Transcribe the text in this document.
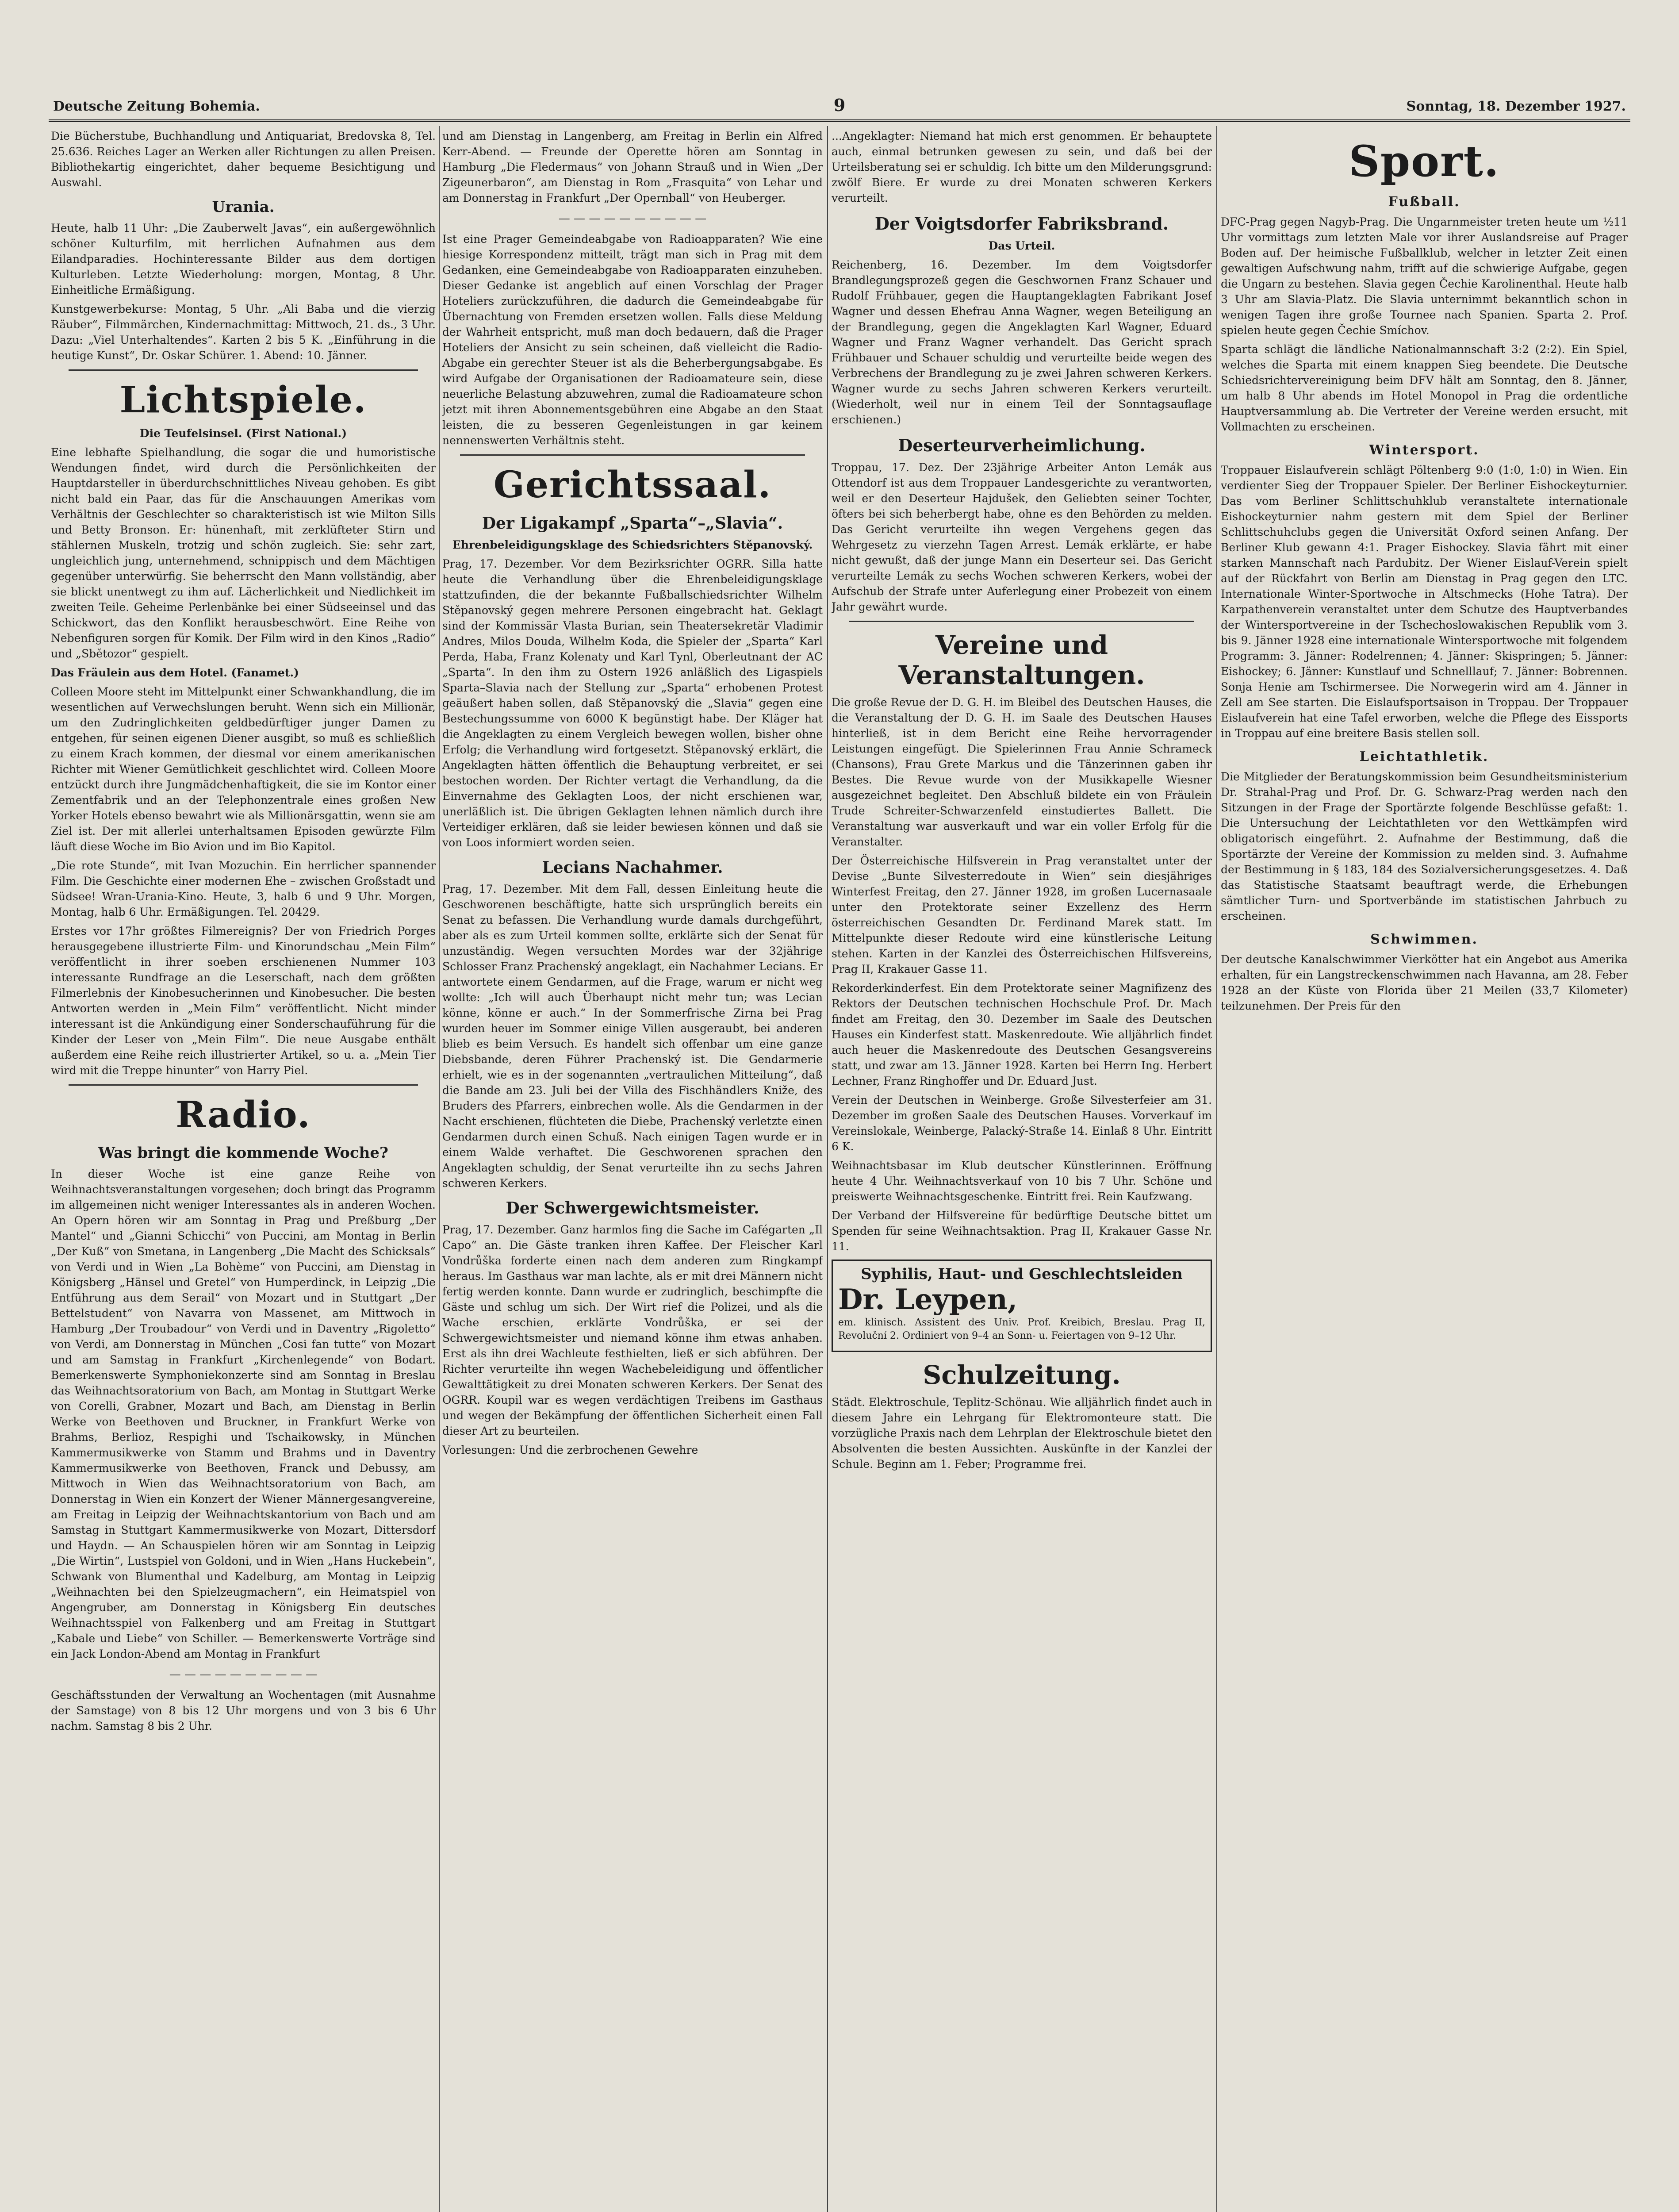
Deutsche Zeitung Bohemia.	9	Sonntag, 18. Dezember 1927.

Die Bücherstube, Buchhandlung und Antiquariat, Bredovska 8, Tel. 25.636. Reiches Lager an Werken aller Richtungen zu allen Preisen. Bibliothekartig eingerichtet, daher bequeme Besichtigung und Auswahl.

Urania.

Heute, halb 11 Uhr: „Die Zauberwelt Javas“, ein außergewöhnlich schöner Kulturfilm, mit herrlichen Aufnahmen aus dem Eilandparadies. Hochinteressante Bilder aus dem dortigen Kulturleben. Letzte Wiederholung: morgen, Montag, 8 Uhr. Einheitliche Ermäßigung.

Kunstgewerbekurse: Montag, 5 Uhr. „Ali Baba und die vierzig Räuber“, Filmmärchen, Kindernachmittag: Mittwoch, 21. ds., 3 Uhr. Dazu: „Viel Unterhaltendes“. Karten 2 bis 5 K. „Einführung in die heutige Kunst“, Dr. Oskar Schürer. 1. Abend: 10. Jänner.

Lichtspiele.

Die Teufelsinsel. (First National.)

Eine lebhafte Spielhandlung, die sogar die und humoristische Wendungen findet, wird durch die Persönlichkeiten der Hauptdarsteller in überdurchschnittliches Niveau gehoben. Es gibt nicht bald ein Paar, das für die Anschauungen Amerikas vom Verhältnis der Geschlechter so charakteristisch ist wie Milton Sills und Betty Bronson. Er: hünenhaft, mit zerklüfteter Stirn und stählernen Muskeln, trotzig und schön zugleich. Sie: sehr zart, ungleichlich jung, unternehmend, schnippisch und dem Mächtigen gegenüber unterwürfig. Sie beherrscht den Mann vollständig, aber sie blickt unentwegt zu ihm auf. Lächerlichkeit und Niedlichkeit im zweiten Teile. Geheime Perlenbänke bei einer Südseeinsel und das Schickwort, das den Konflikt herausbeschwört. Eine Reihe von Nebenfiguren sorgen für Komik. Der Film wird in den Kinos „Radio“ und „Sbětozor“ gespielt.

Das Fräulein aus dem Hotel. (Fanamet.)

Colleen Moore steht im Mittelpunkt einer Schwankhandlung, die im wesentlichen auf Verwechslungen beruht. Wenn sich ein Millionär, um den Zudringlichkeiten geldbedürftiger junger Damen zu entgehen, für seinen eigenen Diener ausgibt, so muß es schließlich zu einem Krach kommen, der diesmal vor einem amerikanischen Richter mit Wiener Gemütlichkeit geschlichtet wird. Colleen Moore entzückt durch ihre Jungmädchenhaftigkeit, die sie im Kontor einer Zementfabrik und an der Telephonzentrale eines großen New Yorker Hotels ebenso bewahrt wie als Millionärsgattin, wenn sie am Ziel ist. Der mit allerlei unterhaltsamen Episoden gewürzte Film läuft diese Woche im Bio Avion und im Bio Kapitol.

„Die rote Stunde“, mit Ivan Mozuchin. Ein herrlicher spannender Film. Die Geschichte einer modernen Ehe – zwischen Großstadt und Südsee! Wran-Urania-Kino. Heute, 3, halb 6 und 9 Uhr. Morgen, Montag, halb 6 Uhr. Ermäßigungen. Tel. 20429.

Erstes vor 17hr größtes Filmereignis? Der von Friedrich Porges herausgegebene illustrierte Film- und Kinorundschau „Mein Film“ veröffentlicht in ihrer soeben erschienenen Nummer 103 interessante Rundfrage an die Leserschaft, nach dem größten Filmerlebnis der Kinobesucherinnen und Kinobesucher. Die besten Antworten werden in „Mein Film“ veröffentlicht. Nicht minder interessant ist die Ankündigung einer Sonderschauführung für die Kinder der Leser von „Mein Film“. Die neue Ausgabe enthält außerdem eine Reihe reich illustrierter Artikel, so u. a. „Mein Tier wird mit die Treppe hinunter“ von Harry Piel.

Radio.
Was bringt die kommende Woche?

In dieser Woche ist eine ganze Reihe von Weihnachtsveranstaltungen vorgesehen; doch bringt das Programm im allgemeinen nicht weniger Interessantes als in anderen Wochen. An Opern hören wir am Sonntag in Prag und Preßburg „Der Mantel“ und „Gianni Schicchi“ von Puccini, am Montag in Berlin „Der Kuß“ von Smetana, in Langenberg „Die Macht des Schicksals“ von Verdi und in Wien „La Bohème“ von Puccini, am Dienstag in Königsberg „Hänsel und Gretel“ von Humperdinck, in Leipzig „Die Entführung aus dem Serail“ von Mozart und in Stuttgart „Der Bettelstudent“ von Navarra von Massenet, am Mittwoch in Hamburg „Der Troubadour“ von Verdi und in Daventry „Rigoletto“ von Verdi, am Donnerstag in München „Cosi fan tutte“ von Mozart und am Samstag in Frankfurt „Kirchenlegende“ von Bodart. Bemerkenswerte Symphoniekonzerte sind am Sonntag in Breslau das Weihnachtsoratorium von Bach, am Montag in Stuttgart Werke von Corelli, Grabner, Mozart und Bach, am Dienstag in Berlin Werke von Beethoven und Bruckner, in Frankfurt Werke von Brahms, Berlioz, Respighi und Tschaikowsky, in München Kammermusikwerke von Stamm und Brahms und in Daventry Kammermusikwerke von Beethoven, Franck und Debussy, am Mittwoch in Wien das Weihnachtsoratorium von Bach, am Donnerstag in Wien ein Konzert der Wiener Männergesangvereine, am Freitag in Leipzig der Weihnachtskantorium von Bach und am Samstag in Stuttgart Kammermusikwerke von Mozart, Dittersdorf und Haydn. — An Schauspielen hören wir am Sonntag in Leipzig „Die Wirtin“, Lustspiel von Goldoni, und in Wien „Hans Huckebein“, Schwank von Blumenthal und Kadelburg, am Montag in Leipzig „Weihnachten bei den Spielzeugmachern“, ein Heimatspiel von Angengruber, am Donnerstag in Königsberg Ein deutsches Weihnachtsspiel von Falkenberg und am Freitag in Stuttgart „Kabale und Liebe“ von Schiller. — Bemerkenswerte Vorträge sind ein Jack London-Abend am Montag in Frankfurt

— — — — — — — — — —

Geschäftsstunden der Verwaltung an Wochentagen (mit Ausnahme der Samstage) von 8 bis 12 Uhr morgens und von 3 bis 6 Uhr nachm. Samstag 8 bis 2 Uhr.

und am Dienstag in Langenberg, am Freitag in Berlin ein Alfred Kerr-Abend. — Freunde der Operette hören am Sonntag in Hamburg „Die Fledermaus“ von Johann Strauß und in Wien „Der Zigeunerbaron“, am Dienstag in Rom „Frasquita“ von Lehar und am Donnerstag in Frankfurt „Der Opernball“ von Heuberger.

— — — — — — — — — —

Ist eine Prager Gemeindeabgabe von Radioapparaten? Wie eine hiesige Korrespondenz mitteilt, trägt man sich in Prag mit dem Gedanken, eine Gemeindeabgabe von Radioapparaten einzuheben. Dieser Gedanke ist angeblich auf einen Vorschlag der Prager Hoteliers zurückzuführen, die dadurch die Gemeindeabgabe für Übernachtung von Fremden ersetzen wollen. Falls diese Meldung der Wahrheit entspricht, muß man doch bedauern, daß die Prager Hoteliers der Ansicht zu sein scheinen, daß vielleicht die Radio-Abgabe ein gerechter Steuer ist als die Beherbergungsabgabe. Es wird Aufgabe der Organisationen der Radioamateure sein, diese neuerliche Belastung abzuwehren, zumal die Radioamateure schon jetzt mit ihren Abonnementsgebühren eine Abgabe an den Staat leisten, die zu besseren Gegenleistungen in gar keinem nennenswerten Verhältnis steht.

Gerichtssaal.
Der Ligakampf „Sparta“–„Slavia“.

Ehrenbeleidigungsklage des Schiedsrichters Stěpanovský.

Prag, 17. Dezember. Vor dem Bezirksrichter OGRR. Silla hatte heute die Verhandlung über die Ehrenbeleidigungsklage stattzufinden, die der bekannte Fußballschiedsrichter Wilhelm Stěpanovský gegen mehrere Personen eingebracht hat. Geklagt sind der Kommissär Vlasta Burian, sein Theatersekretär Vladimir Andres, Milos Douda, Wilhelm Koda, die Spieler der „Sparta“ Karl Perda, Haba, Franz Kolenaty und Karl Tynl, Oberleutnant der AC „Sparta“. In den ihm zu Ostern 1926 anläßlich des Ligaspiels Sparta–Slavia nach der Stellung zur „Sparta“ erhobenen Protest geäußert haben sollen, daß Stěpanovský die „Slavia“ gegen eine Bestechungssumme von 6000 K begünstigt habe. Der Kläger hat die Angeklagten zu einem Vergleich bewegen wollen, bisher ohne Erfolg; die Verhandlung wird fortgesetzt. Stěpanovský erklärt, die Angeklagten hätten öffentlich die Behauptung verbreitet, er sei bestochen worden. Der Richter vertagt die Verhandlung, da die Einvernahme des Geklagten Loos, der nicht erschienen war, unerläßlich ist. Die übrigen Geklagten lehnen nämlich durch ihre Verteidiger erklären, daß sie leider bewiesen können und daß sie von Loos informiert worden seien.

Lecians Nachahmer.

Prag, 17. Dezember. Mit dem Fall, dessen Einleitung heute die Geschworenen beschäftigte, hatte sich ursprünglich bereits ein Senat zu befassen. Die Verhandlung wurde damals durchgeführt, aber als es zum Urteil kommen sollte, erklärte sich der Senat für unzuständig. Wegen versuchten Mordes war der 32jährige Schlosser Franz Prachenský angeklagt, ein Nachahmer Lecians. Er antwortete einem Gendarmen, auf die Frage, warum er nicht weg wollte: „Ich will auch Überhaupt nicht mehr tun; was Lecian könne, könne er auch.“ In der Sommerfrische Zirna bei Prag wurden heuer im Sommer einige Villen ausgeraubt, bei anderen blieb es beim Versuch. Es handelt sich offenbar um eine ganze Diebsbande, deren Führer Prachenský ist. Die Gendarmerie erhielt, wie es in der sogenannten „vertraulichen Mitteilung“, daß die Bande am 23. Juli bei der Villa des Fischhändlers Kniže, des Bruders des Pfarrers, einbrechen wolle. Als die Gendarmen in der Nacht erschienen, flüchteten die Diebe, Prachenský verletzte einen Gendarmen durch einen Schuß. Nach einigen Tagen wurde er in einem Walde verhaftet. Die Geschworenen sprachen den Angeklagten schuldig, der Senat verurteilte ihn zu sechs Jahren schweren Kerkers.

Der Schwergewichtsmeister.

Prag, 17. Dezember. Ganz harmlos fing die Sache im Cafégarten „Il Capo“ an. Die Gäste tranken ihren Kaffee. Der Fleischer Karl Vondrůška forderte einen nach dem anderen zum Ringkampf heraus. Im Gasthaus war man lachte, als er mit drei Männern nicht fertig werden konnte. Dann wurde er zudringlich, beschimpfte die Gäste und schlug um sich. Der Wirt rief die Polizei, und als die Wache erschien, erklärte Vondrůška, er sei der Schwergewichtsmeister und niemand könne ihm etwas anhaben. Erst als ihn drei Wachleute festhielten, ließ er sich abführen. Der Richter verurteilte ihn wegen Wachebeleidigung und öffentlicher Gewalttätigkeit zu drei Monaten schweren Kerkers. Der Senat des OGRR. Koupil war es wegen verdächtigen Treibens im Gasthaus und wegen der Bekämpfung der öffentlichen Sicherheit einen Fall dieser Art zu beurteilen.

Vorlesungen: Und die zerbrochenen Gewehre

...Angeklagter: Niemand hat mich erst genommen. Er behauptete auch, einmal betrunken gewesen zu sein, und daß bei der Urteilsberatung sei er schuldig. Ich bitte um den Milderungsgrund: zwölf Biere. Er wurde zu drei Monaten schweren Kerkers verurteilt.

Der Voigtsdorfer Fabriksbrand.

Das Urteil.

Reichenberg, 16. Dezember. Im dem Voigtsdorfer Brandlegungsprozeß gegen die Geschwornen Franz Schauer und Rudolf Frühbauer, gegen die Hauptangeklagten Fabrikant Josef Wagner und dessen Ehefrau Anna Wagner, wegen Beteiligung an der Brandlegung, gegen die Angeklagten Karl Wagner, Eduard Wagner und Franz Wagner verhandelt. Das Gericht sprach Frühbauer und Schauer schuldig und verurteilte beide wegen des Verbrechens der Brandlegung zu je zwei Jahren schweren Kerkers. Wagner wurde zu sechs Jahren schweren Kerkers verurteilt. (Wiederholt, weil nur in einem Teil der Sonntagsauflage erschienen.)

Deserteurverheimlichung.

Troppau, 17. Dez. Der 23jährige Arbeiter Anton Lemák aus Ottendorf ist aus dem Troppauer Landesgerichte zu verantworten, weil er den Deserteur Hajdušek, den Geliebten seiner Tochter, öfters bei sich beherbergt habe, ohne es den Behörden zu melden. Das Gericht verurteilte ihn wegen Vergehens gegen das Wehrgesetz zu vierzehn Tagen Arrest. Lemák erklärte, er habe nicht gewußt, daß der junge Mann ein Deserteur sei. Das Gericht verurteilte Lemák zu sechs Wochen schweren Kerkers, wobei der Aufschub der Strafe unter Auferlegung einer Probezeit von einem Jahr gewährt wurde.

Vereine und Veranstaltungen.

Die große Revue der D. G. H. im Bleibel des Deutschen Hauses, die die Veranstaltung der D. G. H. im Saale des Deutschen Hauses hinterließ, ist in dem Bericht eine Reihe hervorragender Leistungen eingefügt. Die Spielerinnen Frau Annie Schrameck (Chansons), Frau Grete Markus und die Tänzerinnen gaben ihr Bestes. Die Revue wurde von der Musikkapelle Wiesner ausgezeichnet begleitet. Den Abschluß bildete ein von Fräulein Trude Schreiter-Schwarzenfeld einstudiertes Ballett. Die Veranstaltung war ausverkauft und war ein voller Erfolg für die Veranstalter.

Der Österreichische Hilfsverein in Prag veranstaltet unter der Devise „Bunte Silvesterredoute in Wien“ sein diesjähriges Winterfest Freitag, den 27. Jänner 1928, im großen Lucernasaale unter den Protektorate seiner Exzellenz des Herrn österreichischen Gesandten Dr. Ferdinand Marek statt. Im Mittelpunkte dieser Redoute wird eine künstlerische Leitung stehen. Karten in der Kanzlei des Österreichischen Hilfsvereins, Prag II, Krakauer Gasse 11.

Rekorderkinderfest. Ein dem Protektorate seiner Magnifizenz des Rektors der Deutschen technischen Hochschule Prof. Dr. Mach findet am Freitag, den 30. Dezember im Saale des Deutschen Hauses ein Kinderfest statt. Maskenredoute. Wie alljährlich findet auch heuer die Maskenredoute des Deutschen Gesangsvereins statt, und zwar am 13. Jänner 1928. Karten bei Herrn Ing. Herbert Lechner, Franz Ringhoffer und Dr. Eduard Just.

Verein der Deutschen in Weinberge. Große Silvesterfeier am 31. Dezember im großen Saale des Deutschen Hauses. Vorverkauf im Vereinslokale, Weinberge, Palacký-Straße 14. Einlaß 8 Uhr. Eintritt 6 K.

Weihnachtsbasar im Klub deutscher Künstlerinnen. Eröffnung heute 4 Uhr. Weihnachtsverkauf von 10 bis 7 Uhr. Schöne und preiswerte Weihnachtsgeschenke. Eintritt frei. Rein Kaufzwang.

Der Verband der Hilfsvereine für bedürftige Deutsche bittet um Spenden für seine Weihnachtsaktion. Prag II, Krakauer Gasse Nr. 11.

Syphilis, Haut- und Geschlechtsleiden
Dr. Leypen,

em. klinisch. Assistent des Univ. Prof. Kreibich, Breslau. Prag II, Revoluční 2. Ordiniert von 9–4 an Sonn- u. Feiertagen von 9–12 Uhr.

Schulzeitung.

Städt. Elektroschule, Teplitz-Schönau. Wie alljährlich findet auch in diesem Jahre ein Lehrgang für Elektromonteure statt. Die vorzügliche Praxis nach dem Lehrplan der Elektroschule bietet den Absolventen die besten Aussichten. Auskünfte in der Kanzlei der Schule. Beginn am 1. Feber; Programme frei.

Sport.
Fußball.

DFC-Prag gegen Nagyb-Prag. Die Ungarnmeister treten heute um ½11 Uhr vormittags zum letzten Male vor ihrer Auslandsreise auf Prager Boden auf. Der heimische Fußballklub, welcher in letzter Zeit einen gewaltigen Aufschwung nahm, trifft auf die schwierige Aufgabe, gegen die Ungarn zu bestehen. Slavia gegen Čechie Karolinenthal. Heute halb 3 Uhr am Slavia-Platz. Die Slavia unternimmt bekanntlich schon in wenigen Tagen ihre große Tournee nach Spanien. Sparta 2. Prof. spielen heute gegen Čechie Smíchov.

Sparta schlägt die ländliche Nationalmannschaft 3:2 (2:2). Ein Spiel, welches die Sparta mit einem knappen Sieg beendete. Die Deutsche Schiedsrichtervereinigung beim DFV hält am Sonntag, den 8. Jänner, um halb 8 Uhr abends im Hotel Monopol in Prag die ordentliche Hauptversammlung ab. Die Vertreter der Vereine werden ersucht, mit Vollmachten zu erscheinen.

Wintersport.

Troppauer Eislaufverein schlägt Pöltenberg 9:0 (1:0, 1:0) in Wien. Ein verdienter Sieg der Troppauer Spieler. Der Berliner Eishockeyturnier. Das vom Berliner Schlittschuhklub veranstaltete internationale Eishockeyturnier nahm gestern mit dem Spiel der Berliner Schlittschuhclubs gegen die Universität Oxford seinen Anfang. Der Berliner Klub gewann 4:1. Prager Eishockey. Slavia fährt mit einer starken Mannschaft nach Pardubitz. Der Wiener Eislauf-Verein spielt auf der Rückfahrt von Berlin am Dienstag in Prag gegen den LTC. Internationale Winter-Sportwoche in Altschmecks (Hohe Tatra). Der Karpathenverein veranstaltet unter dem Schutze des Hauptverbandes der Wintersportvereine in der Tschechoslowakischen Republik vom 3. bis 9. Jänner 1928 eine internationale Wintersportwoche mit folgendem Programm: 3. Jänner: Rodelrennen; 4. Jänner: Skispringen; 5. Jänner: Eishockey; 6. Jänner: Kunstlauf und Schnelllauf; 7. Jänner: Bobrennen. Sonja Henie am Tschirmersee. Die Norwegerin wird am 4. Jänner in Zell am See starten. Die Eislaufsportsaison in Troppau. Der Troppauer Eislaufverein hat eine Tafel erworben, welche die Pflege des Eissports in Troppau auf eine breitere Basis stellen soll.

Leichtathletik.

Die Mitglieder der Beratungskommission beim Gesundheitsministerium Dr. Strahal-Prag und Prof. Dr. G. Schwarz-Prag werden nach den Sitzungen in der Frage der Sportärzte folgende Beschlüsse gefaßt: 1. Die Untersuchung der Leichtathleten vor den Wettkämpfen wird obligatorisch eingeführt. 2. Aufnahme der Bestimmung, daß die Sportärzte der Vereine der Kommission zu melden sind. 3. Aufnahme der Bestimmung in § 183, 184 des Sozialversicherungsgesetzes. 4. Daß das Statistische Staatsamt beauftragt werde, die Erhebungen sämtlicher Turn- und Sportverbände im statistischen Jahrbuch zu erscheinen.

Schwimmen.

Der deutsche Kanalschwimmer Vierkötter hat ein Angebot aus Amerika erhalten, für ein Langstreckenschwimmen nach Havanna, am 28. Feber 1928 an der Küste von Florida über 21 Meilen (33,7 Kilometer) teilzunehmen. Der Preis für den
